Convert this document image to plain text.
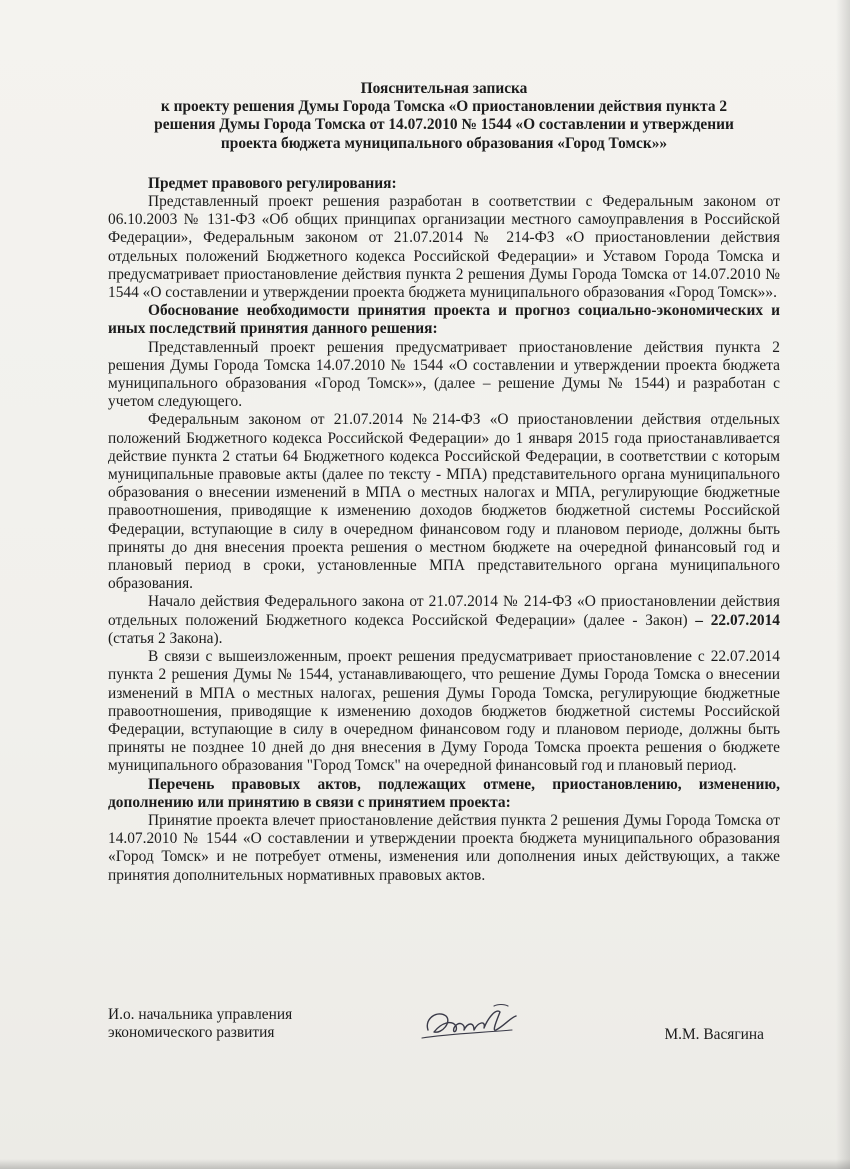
Пояснительная записка
к проекту решения Думы Города Томска «О приостановлении действия пункта 2
решения Думы Города Томска от 14.07.2010 № 1544 «О составлении и утверждении
проекта бюджета муниципального образования «Город Томск»»

Предмет правового регулирования:

Представленный проект решения разработан в соответствии с Федеральным законом от 06.10.2003 № 131-ФЗ «Об общих принципах организации местного самоуправления в Российской Федерации», Федеральным законом от 21.07.2014 № 214-ФЗ «О приостановлении действия отдельных положений Бюджетного кодекса Российской Федерации» и Уставом Города Томска и предусматривает приостановление действия пункта 2 решения Думы Города Томска от 14.07.2010 № 1544 «О составлении и утверждении проекта бюджета муниципального образования «Город Томск»».

Обоснование необходимости принятия проекта и прогноз социально-экономических и иных последствий принятия данного решения:

Представленный проект решения предусматривает приостановление действия пункта 2 решения Думы Города Томска 14.07.2010 № 1544 «О составлении и утверждении проекта бюджета муниципального образования «Город Томск»», (далее – решение Думы № 1544) и разработан с учетом следующего.

Федеральным законом от 21.07.2014 №214-ФЗ «О приостановлении действия отдельных положений Бюджетного кодекса Российской Федерации» до 1 января 2015 года приостанавливается действие пункта 2 статьи 64 Бюджетного кодекса Российской Федерации, в соответствии с которым муниципальные правовые акты (далее по тексту - МПА) представительного органа муниципального образования о внесении изменений в МПА о местных налогах и МПА, регулирующие бюджетные правоотношения, приводящие к изменению доходов бюджетов бюджетной системы Российской Федерации, вступающие в силу в очередном финансовом году и плановом периоде, должны быть приняты до дня внесения проекта решения о местном бюджете на очередной финансовый год и плановый период в сроки, установленные МПА представительного органа муниципального образования.

Начало действия Федерального закона от 21.07.2014 № 214-ФЗ «О приостановлении действия отдельных положений Бюджетного кодекса Российской Федерации» (далее - Закон) – 22.07.2014 (статья 2 Закона).

В связи с вышеизложенным, проект решения предусматривает приостановление с 22.07.2014 пункта 2 решения Думы № 1544, устанавливающего, что решение Думы Города Томска о внесении изменений в МПА о местных налогах, решения Думы Города Томска, регулирующие бюджетные правоотношения, приводящие к изменению доходов бюджетов бюджетной системы Российской Федерации, вступающие в силу в очередном финансовом году и плановом периоде, должны быть приняты не позднее 10 дней до дня внесения в Думу Города Томска проекта решения о бюджете муниципального образования "Город Томск" на очередной финансовый год и плановый период.

Перечень правовых актов, подлежащих отмене, приостановлению, изменению, дополнению или принятию в связи с принятием проекта:

Принятие проекта влечет приостановление действия пункта 2 решения Думы Города Томска от 14.07.2010 № 1544 «О составлении и утверждении проекта бюджета муниципального образования «Город Томск» и не потребует отмены, изменения или дополнения иных действующих, а также принятия дополнительных нормативных правовых актов.

И.о. начальника управления
экономического развития	М.М. Васягина
